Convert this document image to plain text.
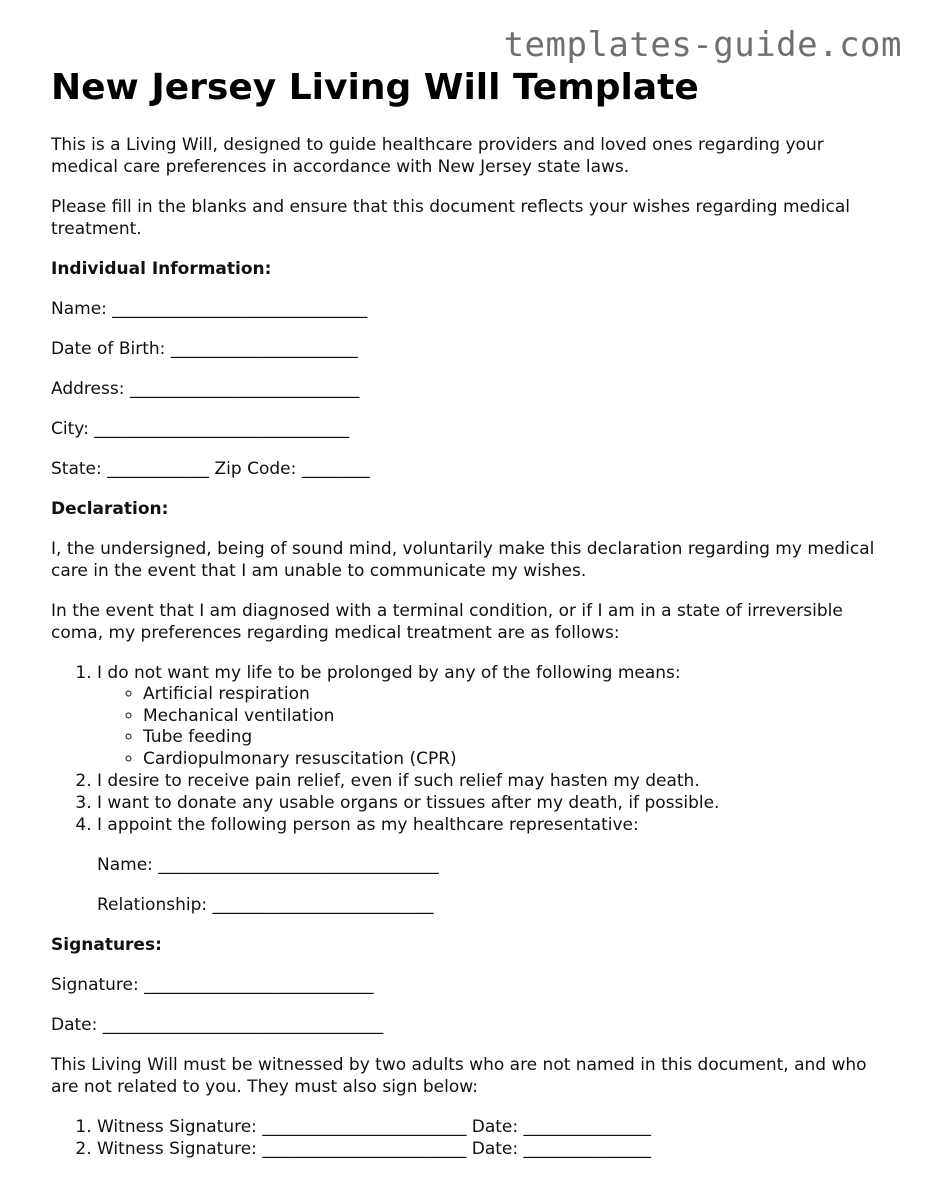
templates-guide.com
New Jersey Living Will Template

This is a Living Will, designed to guide healthcare providers and loved ones regarding your medical care preferences in accordance with New Jersey state laws.

Please fill in the blanks and ensure that this document reflects your wishes regarding medical treatment.

Individual Information:

Name: ______________________________

Date of Birth: ______________________

Address: ___________________________

City: ______________________________

State: ____________ Zip Code: ________

Declaration:

I, the undersigned, being of sound mind, voluntarily make this declaration regarding my medical care in the event that I am unable to communicate my wishes.

In the event that I am diagnosed with a terminal condition, or if I am in a state of irreversible coma, my preferences regarding medical treatment are as follows:

1. I do not want my life to be prolonged by any of the following means:
◦ Artificial respiration
◦ Mechanical ventilation
◦ Tube feeding
◦ Cardiopulmonary resuscitation (CPR)
2. I desire to receive pain relief, even if such relief may hasten my death.
3. I want to donate any usable organs or tissues after my death, if possible.
4. I appoint the following person as my healthcare representative:

Name: _________________________________

Relationship: __________________________

Signatures:

Signature: ___________________________

Date: _________________________________

This Living Will must be witnessed by two adults who are not named in this document, and who are not related to you. They must also sign below:

1. Witness Signature: ________________________ Date: _______________
2. Witness Signature: ________________________ Date: _______________
